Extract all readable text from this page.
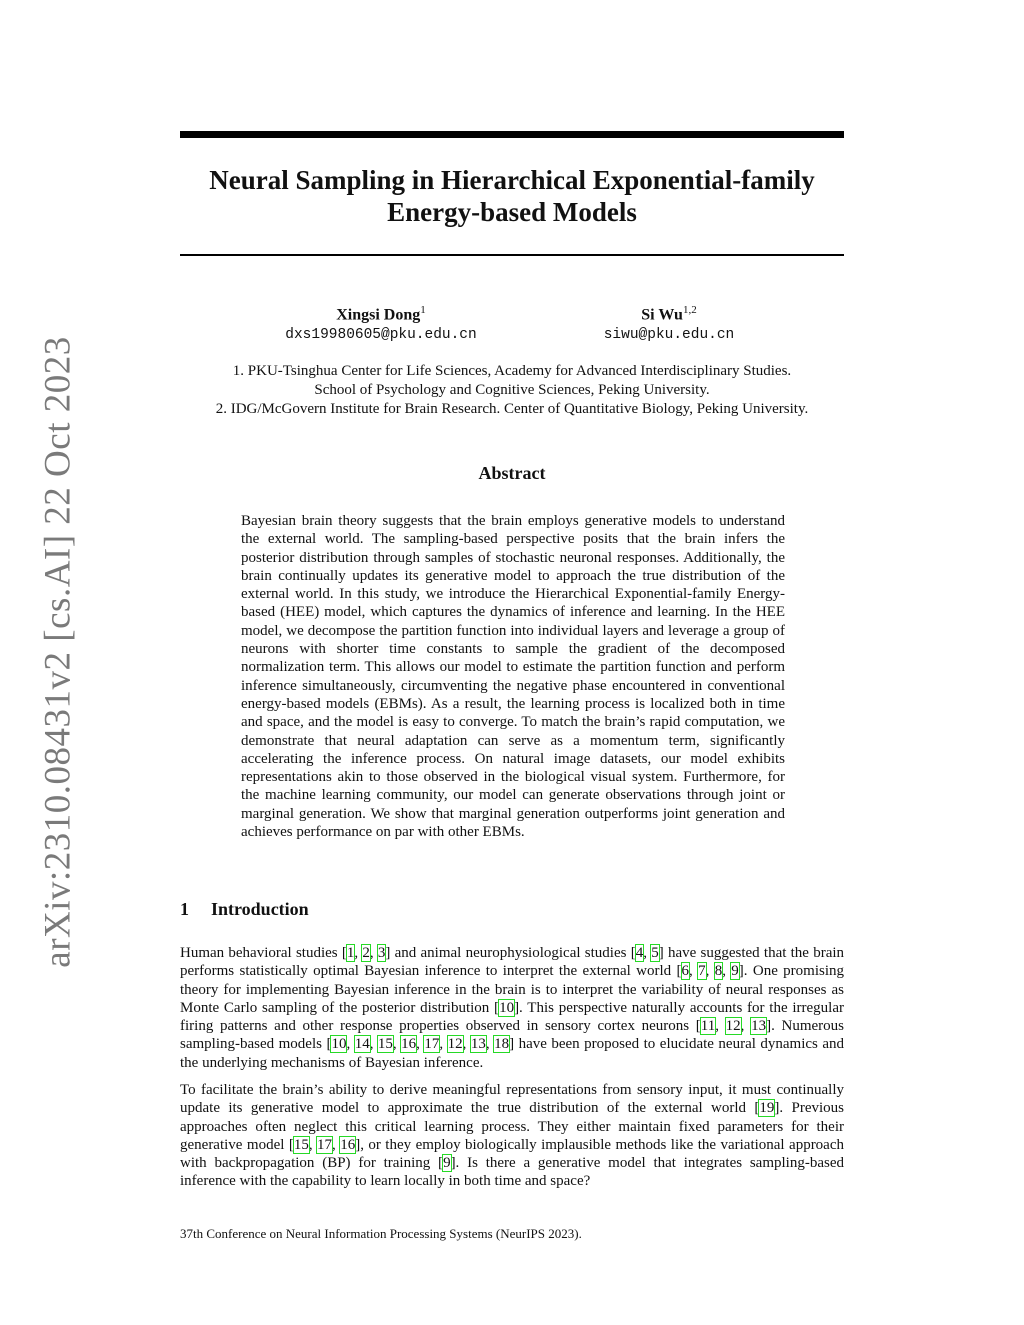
arXiv:2310.08431v2 [cs.AI] 22 Oct 2023
Neural Sampling in Hierarchical Exponential-family
Energy-based Models
Xingsi Dong$^1$
dxs19980605@pku.edu.cn
Si Wu$^{1,2}$
siwu@pku.edu.cn
1. PKU-Tsinghua Center for Life Sciences, Academy for Advanced Interdisciplinary Studies.
School of Psychology and Cognitive Sciences, Peking University.
2. IDG/McGovern Institute for Brain Research. Center of Quantitative Biology, Peking University.
Abstract

Bayesian brain theory suggests that the brain employs generative models to understand the external world. The sampling-based perspective posits that the brain infers the posterior distribution through samples of stochastic neuronal responses. Additionally, the brain continually updates its generative model to approach the true distribution of the external world. In this study, we introduce the Hierarchical Exponential-family Energy-based (HEE) model, which captures the dynamics of inference and learning. In the HEE model, we decompose the partition function into individual layers and leverage a group of neurons with shorter time constants to sample the gradient of the decomposed normalization term. This allows our model to estimate the partition function and perform inference simultaneously, circumventing the negative phase encountered in conventional energy-based models (EBMs). As a result, the learning process is localized both in time and space, and the model is easy to converge. To match the brain’s rapid computation, we demonstrate that neural adaptation can serve as a momentum term, significantly accelerating the inference process. On natural image datasets, our model exhibits representations akin to those observed in the biological visual system. Furthermore, for the machine learning community, our model can generate observations through joint or marginal generation. We show that marginal generation outperforms joint generation and achieves performance on par with other EBMs.

1 Introduction

Human behavioral studies [1, 2, 3] and animal neurophysiological studies [4, 5] have suggested that the brain performs statistically optimal Bayesian inference to interpret the external world [6, 7, 8, 9]. One promising theory for implementing Bayesian inference in the brain is to interpret the variability of neural responses as Monte Carlo sampling of the posterior distribution [10]. This perspective naturally accounts for the irregular firing patterns and other response properties observed in sensory cortex neurons [11, 12, 13]. Numerous sampling-based models [10, 14, 15, 16, 17, 12, 13, 18] have been proposed to elucidate neural dynamics and the underlying mechanisms of Bayesian inference.

To facilitate the brain’s ability to derive meaningful representations from sensory input, it must continually update its generative model to approximate the true distribution of the external world [19]. Previous approaches often neglect this critical learning process. They either maintain fixed parameters for their generative model [15, 17, 16], or they employ biologically implausible methods like the variational approach with backpropagation (BP) for training [9]. Is there a generative model that integrates sampling-based inference with the capability to learn locally in both time and space?

37th Conference on Neural Information Processing Systems (NeurIPS 2023).
